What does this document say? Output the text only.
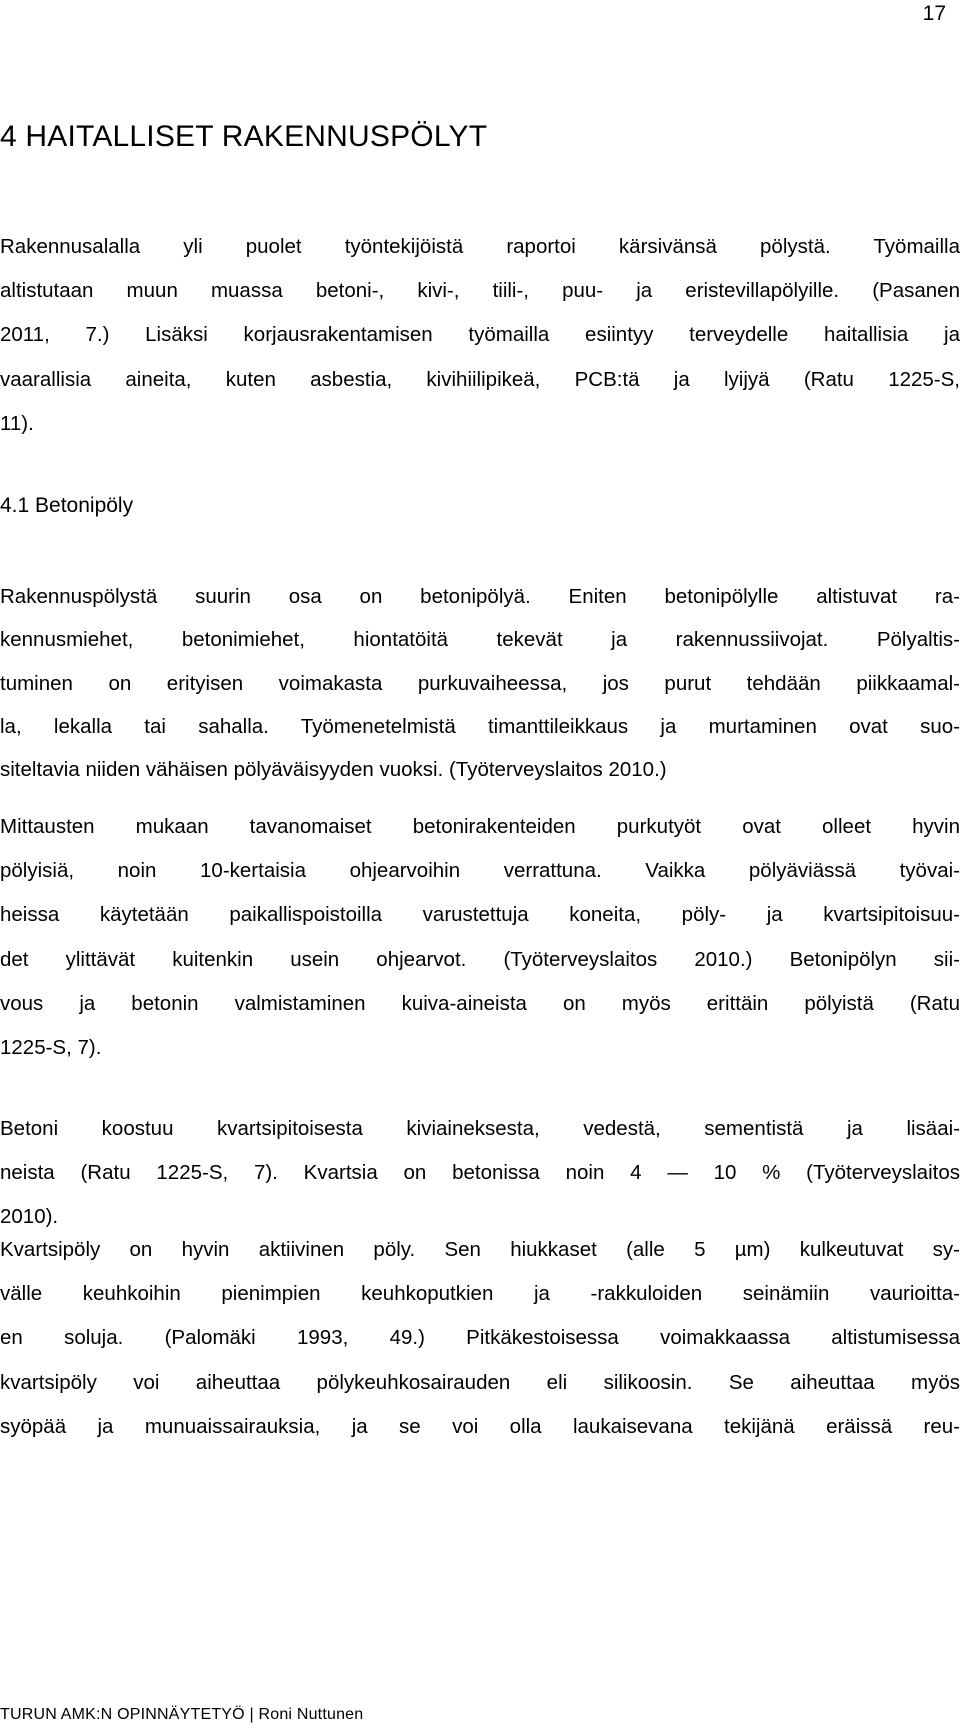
17
4 HAITALLISET RAKENNUSPÖLYT
Rakennusalalla yli puolet työntekijöistä raportoi kärsivänsä pölystä. Työmailla
altistutaan muun muassa betoni-, kivi-, tiili-, puu- ja eristevillapölyille. (Pasanen
2011, 7.) Lisäksi korjausrakentamisen työmailla esiintyy terveydelle haitallisia ja
vaarallisia aineita, kuten asbestia, kivihiilipikeä, PCB:tä ja lyijyä (Ratu 1225-S,
11).
4.1 Betonipöly
Rakennuspölystä suurin osa on betonipölyä. Eniten betonipölylle altistuvat ra-
kennusmiehet, betonimiehet, hiontatöitä tekevät ja rakennussiivojat. Pölyaltis-
tuminen on erityisen voimakasta purkuvaiheessa, jos purut tehdään piikkaamal-
la, lekalla tai sahalla. Työmenetelmistä timanttileikkaus ja murtaminen ovat suo-
siteltavia niiden vähäisen pölyäväisyyden vuoksi. (Työterveyslaitos 2010.)
Mittausten mukaan tavanomaiset betonirakenteiden purkutyöt ovat olleet hyvin
pölyisiä, noin 10-kertaisia ohjearvoihin verrattuna. Vaikka pölyäviässä työvai-
heissa käytetään paikallispoistoilla varustettuja koneita, pöly- ja kvartsipitoisuu-
det ylittävät kuitenkin usein ohjearvot. (Työterveyslaitos 2010.) Betonipölyn sii-
vous ja betonin valmistaminen kuiva-aineista on myös erittäin pölyistä (Ratu
1225-S, 7).
Betoni koostuu kvartsipitoisesta kiviaineksesta, vedestä, sementistä ja lisäai-
neista (Ratu 1225-S, 7). Kvartsia on betonissa noin 4 — 10 % (Työterveyslaitos
2010).
Kvartsipöly on hyvin aktiivinen pöly. Sen hiukkaset (alle 5 µm) kulkeutuvat sy-
välle keuhkoihin pienimpien keuhkoputkien ja -rakkuloiden seinämiin vaurioitta-
en soluja. (Palomäki 1993, 49.) Pitkäkestoisessa voimakkaassa altistumisessa
kvartsipöly voi aiheuttaa pölykeuhkosairauden eli silikoosin. Se aiheuttaa myös
syöpää ja munuaissairauksia, ja se voi olla laukaisevana tekijänä eräissä reu-
TURUN AMK:N OPINNÄYTETYÖ | Roni Nuttunen
